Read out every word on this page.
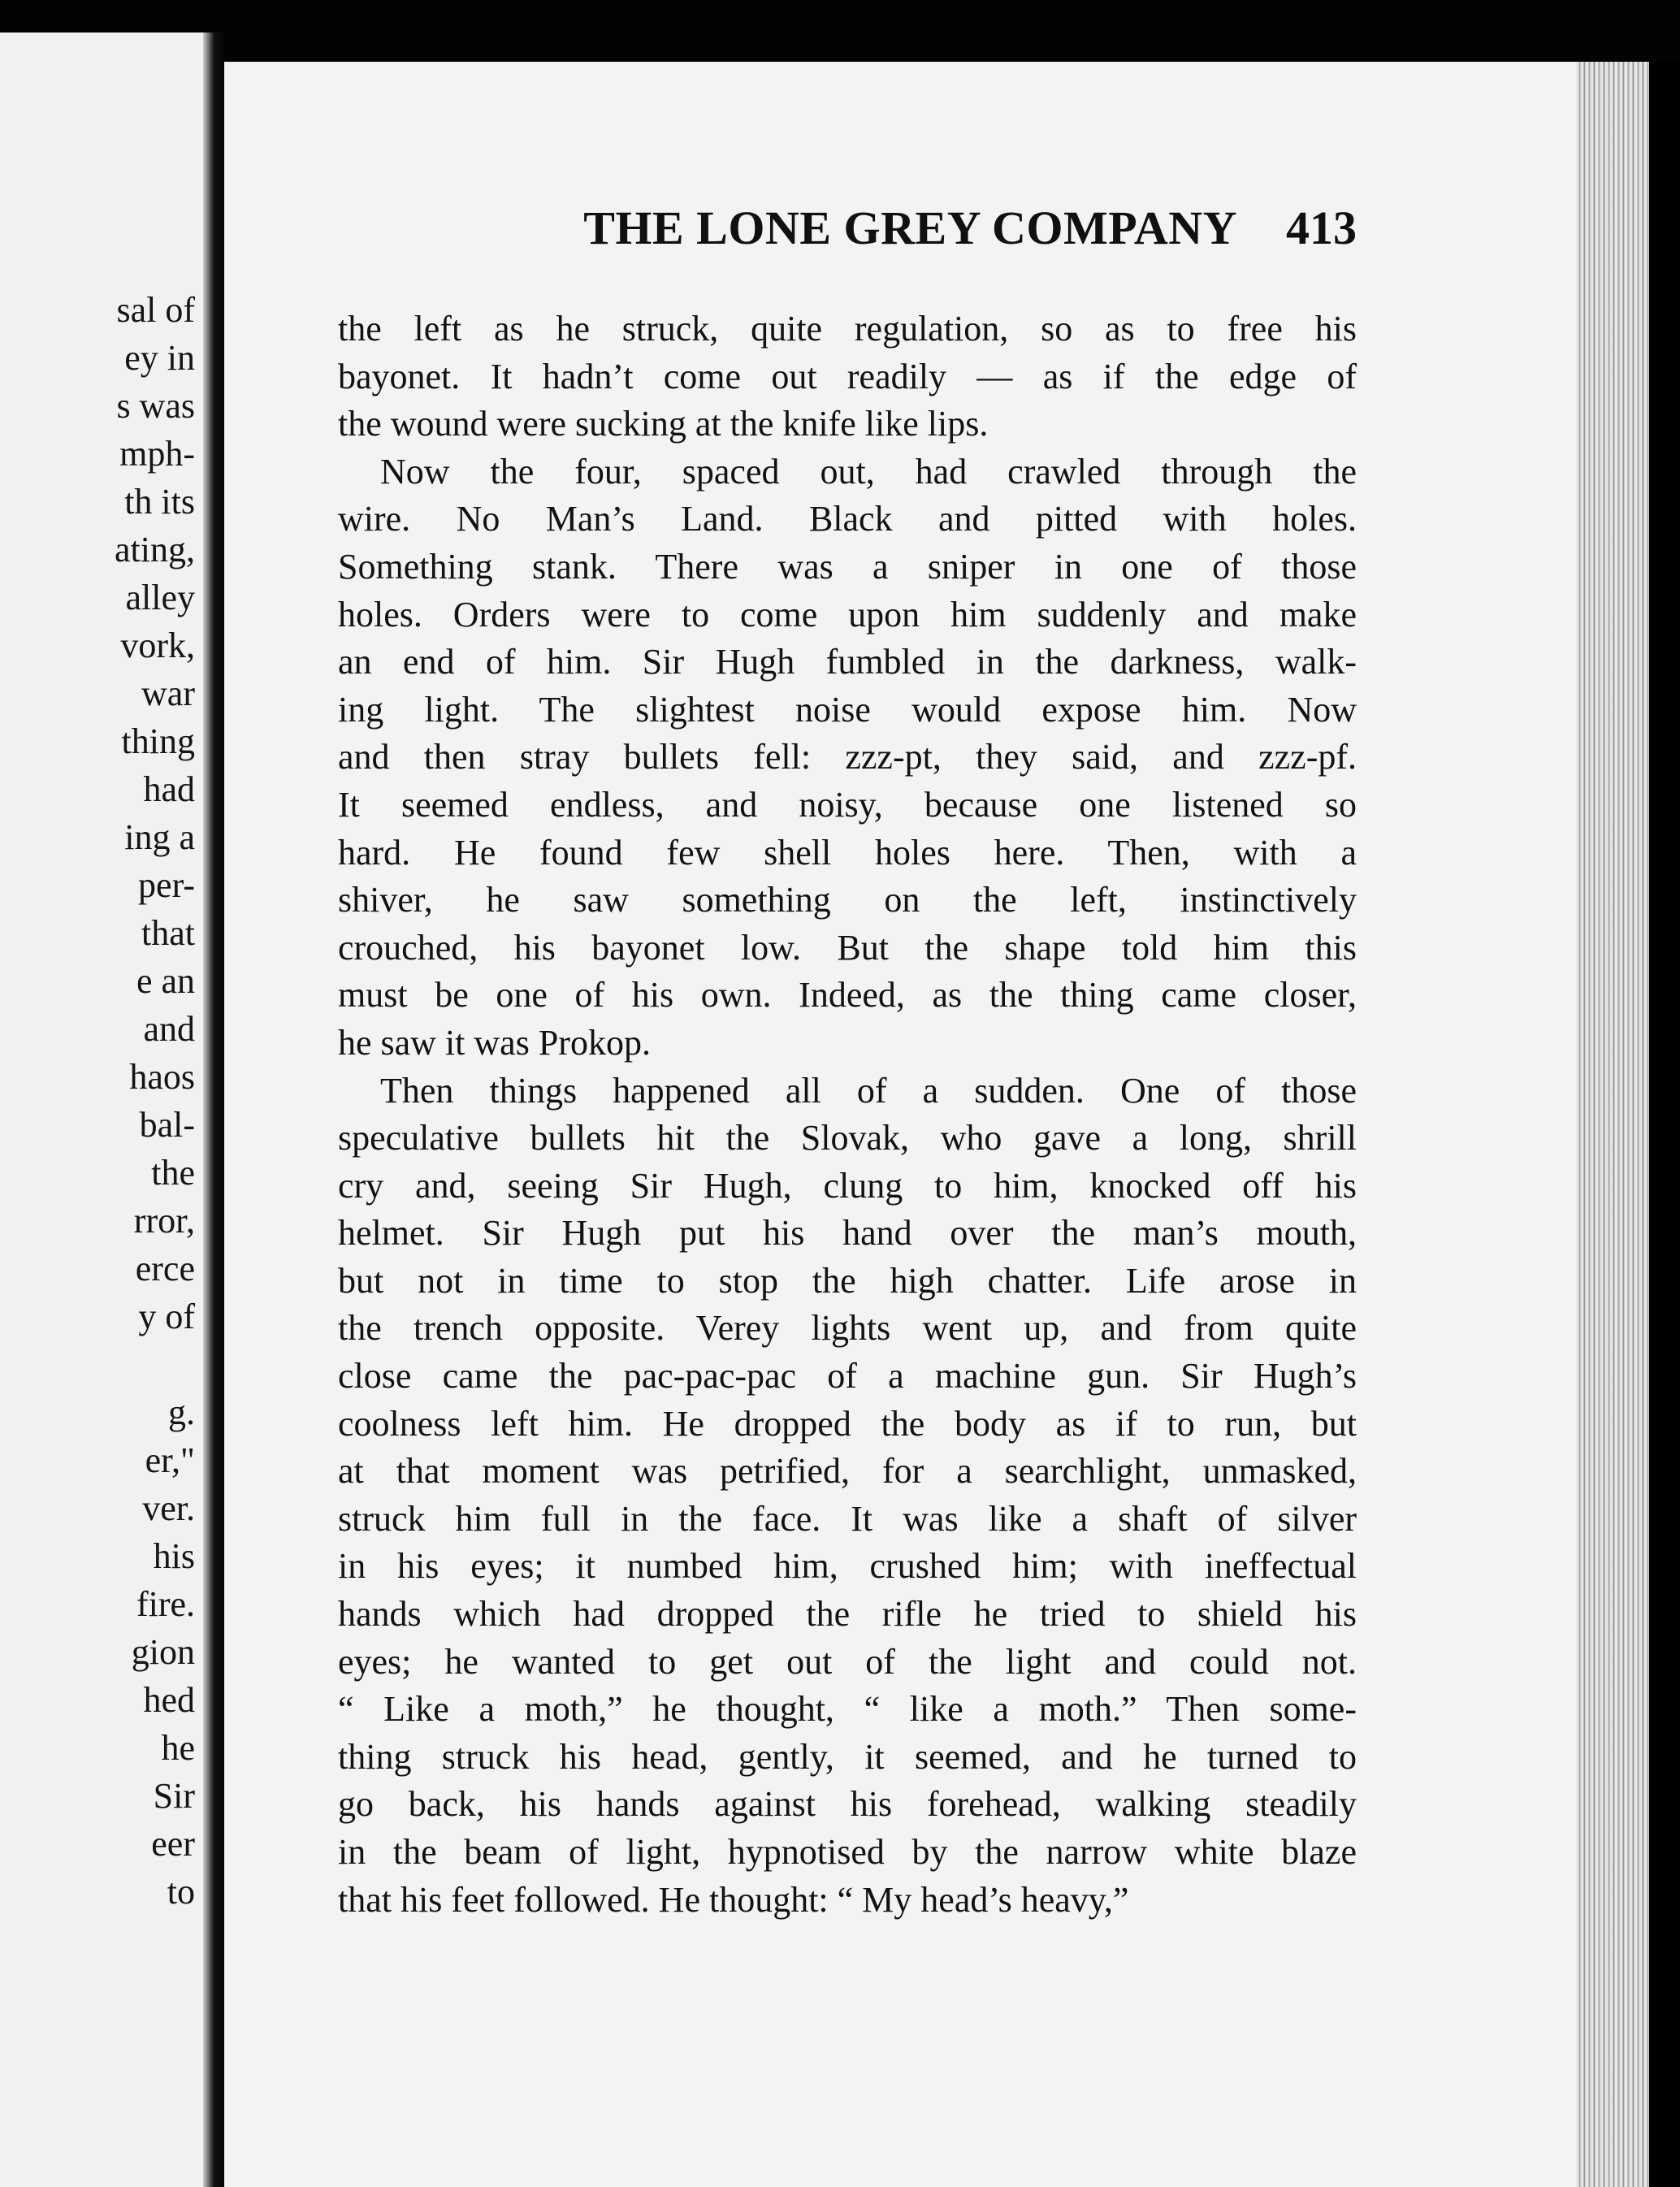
sal of
ey in
s was
mph-
th its
ating,
alley
vork,
war
thing
had
ing a
per-
that
e an
and
haos
bal-
the
rror,
erce
y of
g.
er,"
ver.
his
fire.
gion
hed
he
Sir
eer
to
THE LONE GREY COMPANY 413
the left as he struck, quite regulation, so as to free his
bayonet. It hadn’t come out readily — as if the edge of
the wound were sucking at the knife like lips.
Now the four, spaced out, had crawled through the
wire. No Man’s Land. Black and pitted with holes.
Something stank. There was a sniper in one of those
holes. Orders were to come upon him suddenly and make
an end of him. Sir Hugh fumbled in the darkness, walk-
ing light. The slightest noise would expose him. Now
and then stray bullets fell: zzz-pt, they said, and zzz-pf.
It seemed endless, and noisy, because one listened so
hard. He found few shell holes here. Then, with a
shiver, he saw something on the left, instinctively
crouched, his bayonet low. But the shape told him this
must be one of his own. Indeed, as the thing came closer,
he saw it was Prokop.
Then things happened all of a sudden. One of those
speculative bullets hit the Slovak, who gave a long, shrill
cry and, seeing Sir Hugh, clung to him, knocked off his
helmet. Sir Hugh put his hand over the man’s mouth,
but not in time to stop the high chatter. Life arose in
the trench opposite. Verey lights went up, and from quite
close came the pac-pac-pac of a machine gun. Sir Hugh’s
coolness left him. He dropped the body as if to run, but
at that moment was petrified, for a searchlight, unmasked,
struck him full in the face. It was like a shaft of silver
in his eyes; it numbed him, crushed him; with ineffectual
hands which had dropped the rifle he tried to shield his
eyes; he wanted to get out of the light and could not.
“ Like a moth,” he thought, “ like a moth.” Then some-
thing struck his head, gently, it seemed, and he turned to
go back, his hands against his forehead, walking steadily
in the beam of light, hypnotised by the narrow white blaze
that his feet followed. He thought: “ My head’s heavy,”
